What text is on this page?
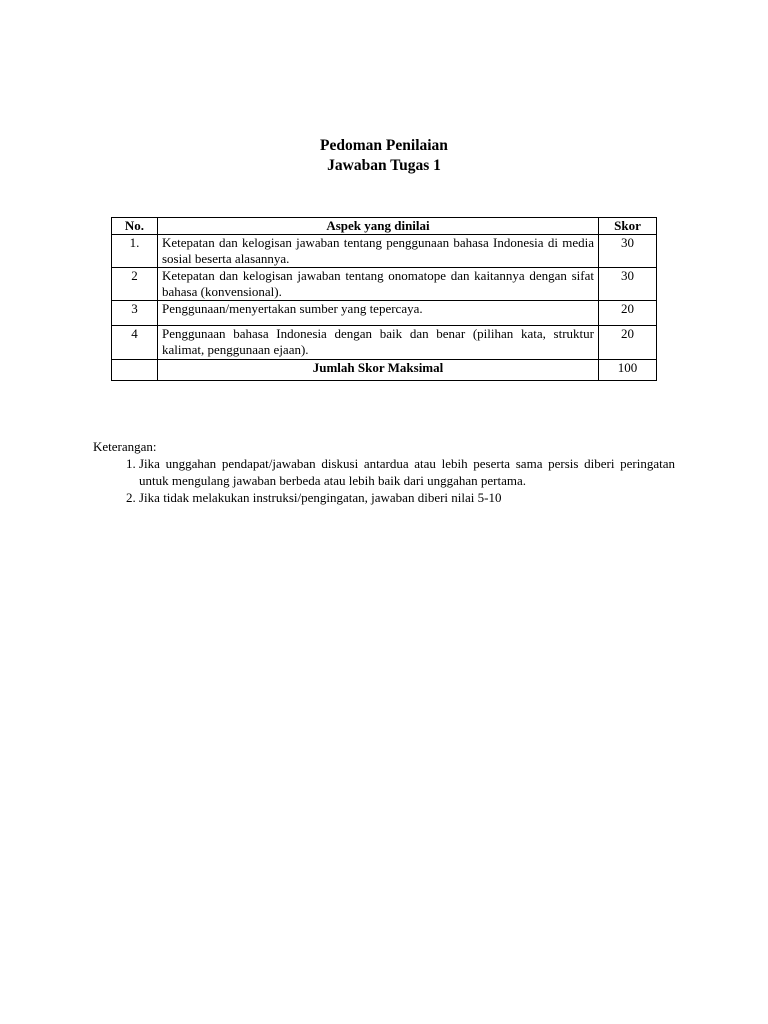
Pedoman Penilaian
Jawaban Tugas 1
No.	Aspek yang dinilai	Skor
1.	Ketepatan dan kelogisan jawaban tentang penggunaan bahasa Indonesia di media sosial beserta alasannya.	30
2	Ketepatan dan kelogisan jawaban tentang onomatope dan kaitannya dengan sifat bahasa (konvensional).	30
3	Penggunaan/menyertakan sumber yang tepercaya.	20
4	Penggunaan bahasa Indonesia dengan baik dan benar (pilihan kata, struktur kalimat, penggunaan ejaan).	20
	Jumlah Skor Maksimal	100
Keterangan:
1. Jika unggahan pendapat/jawaban diskusi antardua atau lebih peserta sama persis diberi peringatan untuk mengulang jawaban berbeda atau lebih baik dari unggahan pertama.
2. Jika tidak melakukan instruksi/pengingatan, jawaban diberi nilai 5-10
